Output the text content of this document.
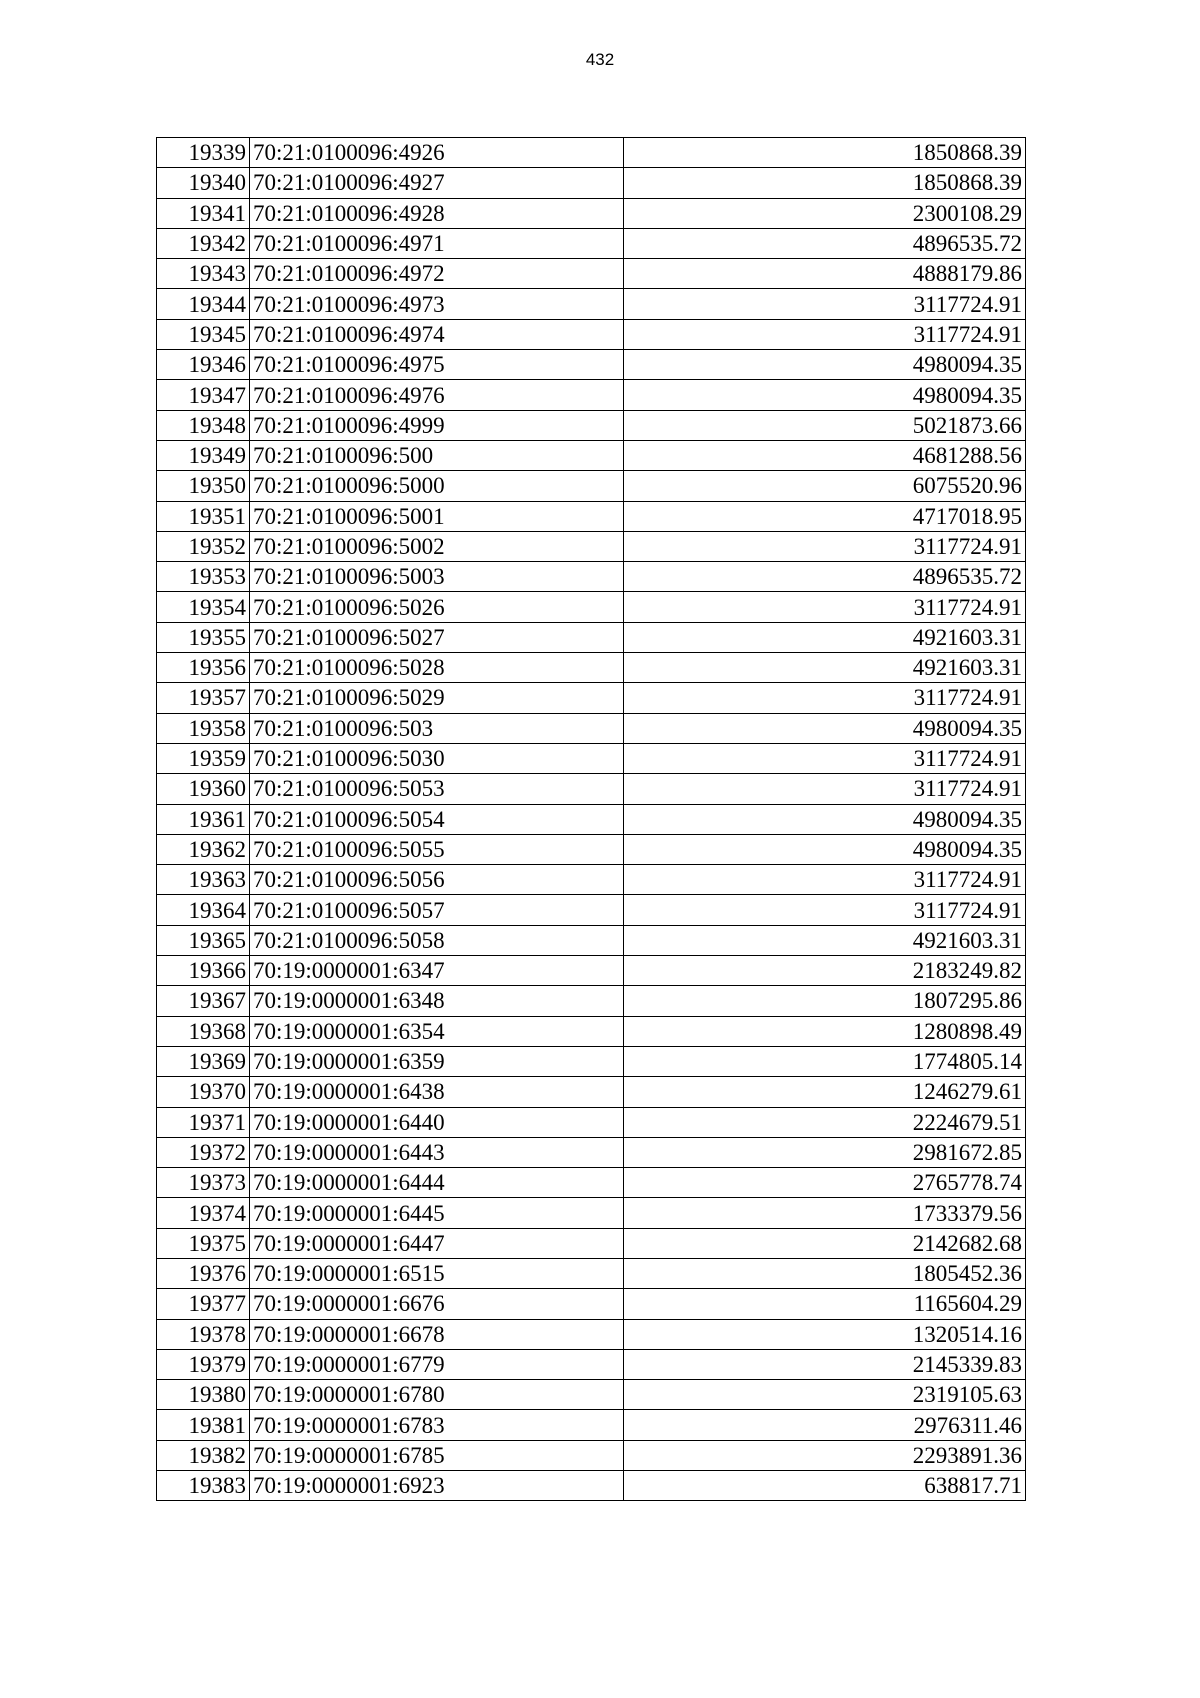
432
19339	70:21:0100096:4926	1850868.39
19340	70:21:0100096:4927	1850868.39
19341	70:21:0100096:4928	2300108.29
19342	70:21:0100096:4971	4896535.72
19343	70:21:0100096:4972	4888179.86
19344	70:21:0100096:4973	3117724.91
19345	70:21:0100096:4974	3117724.91
19346	70:21:0100096:4975	4980094.35
19347	70:21:0100096:4976	4980094.35
19348	70:21:0100096:4999	5021873.66
19349	70:21:0100096:500	4681288.56
19350	70:21:0100096:5000	6075520.96
19351	70:21:0100096:5001	4717018.95
19352	70:21:0100096:5002	3117724.91
19353	70:21:0100096:5003	4896535.72
19354	70:21:0100096:5026	3117724.91
19355	70:21:0100096:5027	4921603.31
19356	70:21:0100096:5028	4921603.31
19357	70:21:0100096:5029	3117724.91
19358	70:21:0100096:503	4980094.35
19359	70:21:0100096:5030	3117724.91
19360	70:21:0100096:5053	3117724.91
19361	70:21:0100096:5054	4980094.35
19362	70:21:0100096:5055	4980094.35
19363	70:21:0100096:5056	3117724.91
19364	70:21:0100096:5057	3117724.91
19365	70:21:0100096:5058	4921603.31
19366	70:19:0000001:6347	2183249.82
19367	70:19:0000001:6348	1807295.86
19368	70:19:0000001:6354	1280898.49
19369	70:19:0000001:6359	1774805.14
19370	70:19:0000001:6438	1246279.61
19371	70:19:0000001:6440	2224679.51
19372	70:19:0000001:6443	2981672.85
19373	70:19:0000001:6444	2765778.74
19374	70:19:0000001:6445	1733379.56
19375	70:19:0000001:6447	2142682.68
19376	70:19:0000001:6515	1805452.36
19377	70:19:0000001:6676	1165604.29
19378	70:19:0000001:6678	1320514.16
19379	70:19:0000001:6779	2145339.83
19380	70:19:0000001:6780	2319105.63
19381	70:19:0000001:6783	2976311.46
19382	70:19:0000001:6785	2293891.36
19383	70:19:0000001:6923	638817.71
